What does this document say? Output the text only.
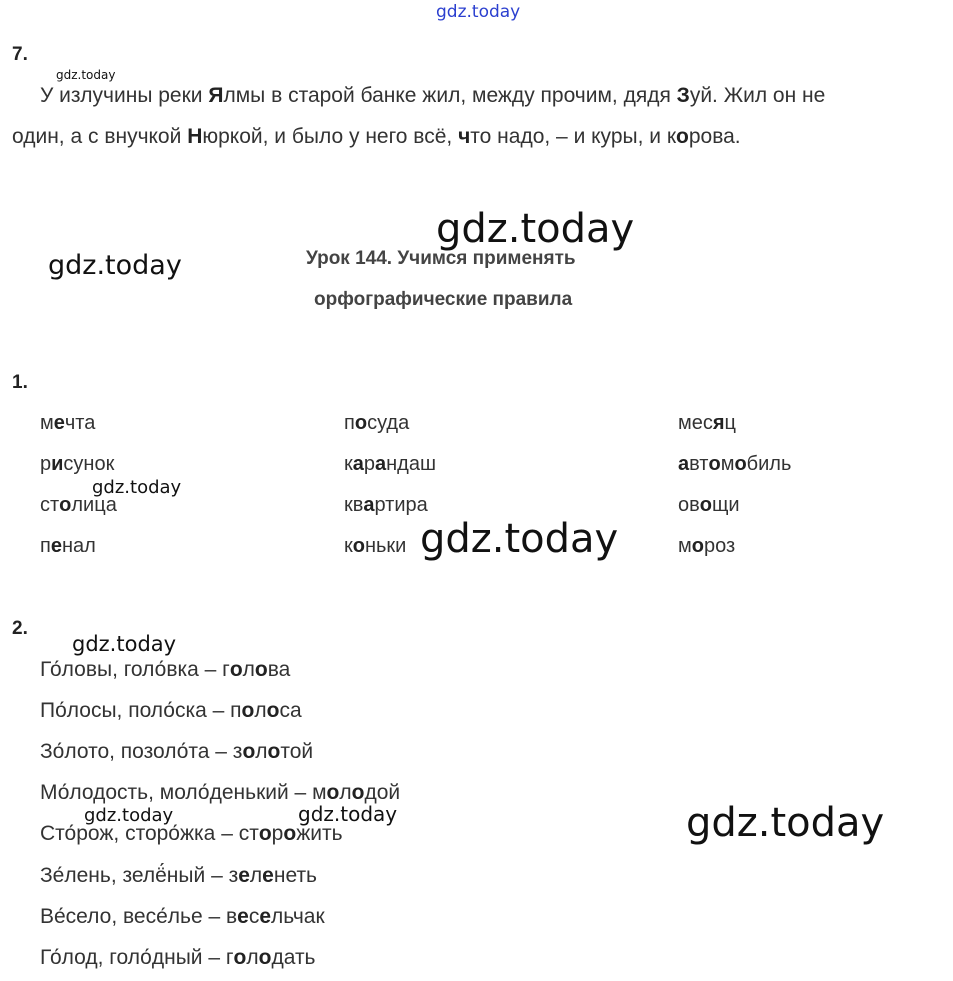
gdz.today
gdz.today
gdz.today
gdz.today
gdz.today
gdz.today
gdz.today
gdz.today	gdz.today	gdz.today
7.
У излучины реки Ялмы в старой банке жил, между прочим, дядя Зуй. Жил он не
один, а с внучкой Нюркой, и было у него всё, что надо, – и куры, и корова.
Урок 144. Учимся применять
орфографические правила
1.
мечта
рисунок
столица
пенал
посуда
карандаш
квартира
коньки
месяц
автомобиль
овощи
мороз
2.
Го́ловы, голо́вка – голова
По́лосы, поло́ска – полоса
Зо́лото, позоло́та – золотой
Мо́лодость, моло́денький – молодой
Сто́рож, сторо́жка – сторожить
Зе́лень, зелё́ный – зеленеть
Ве́село, весе́лье – весельчак
Го́лод, голо́дный – голодать
